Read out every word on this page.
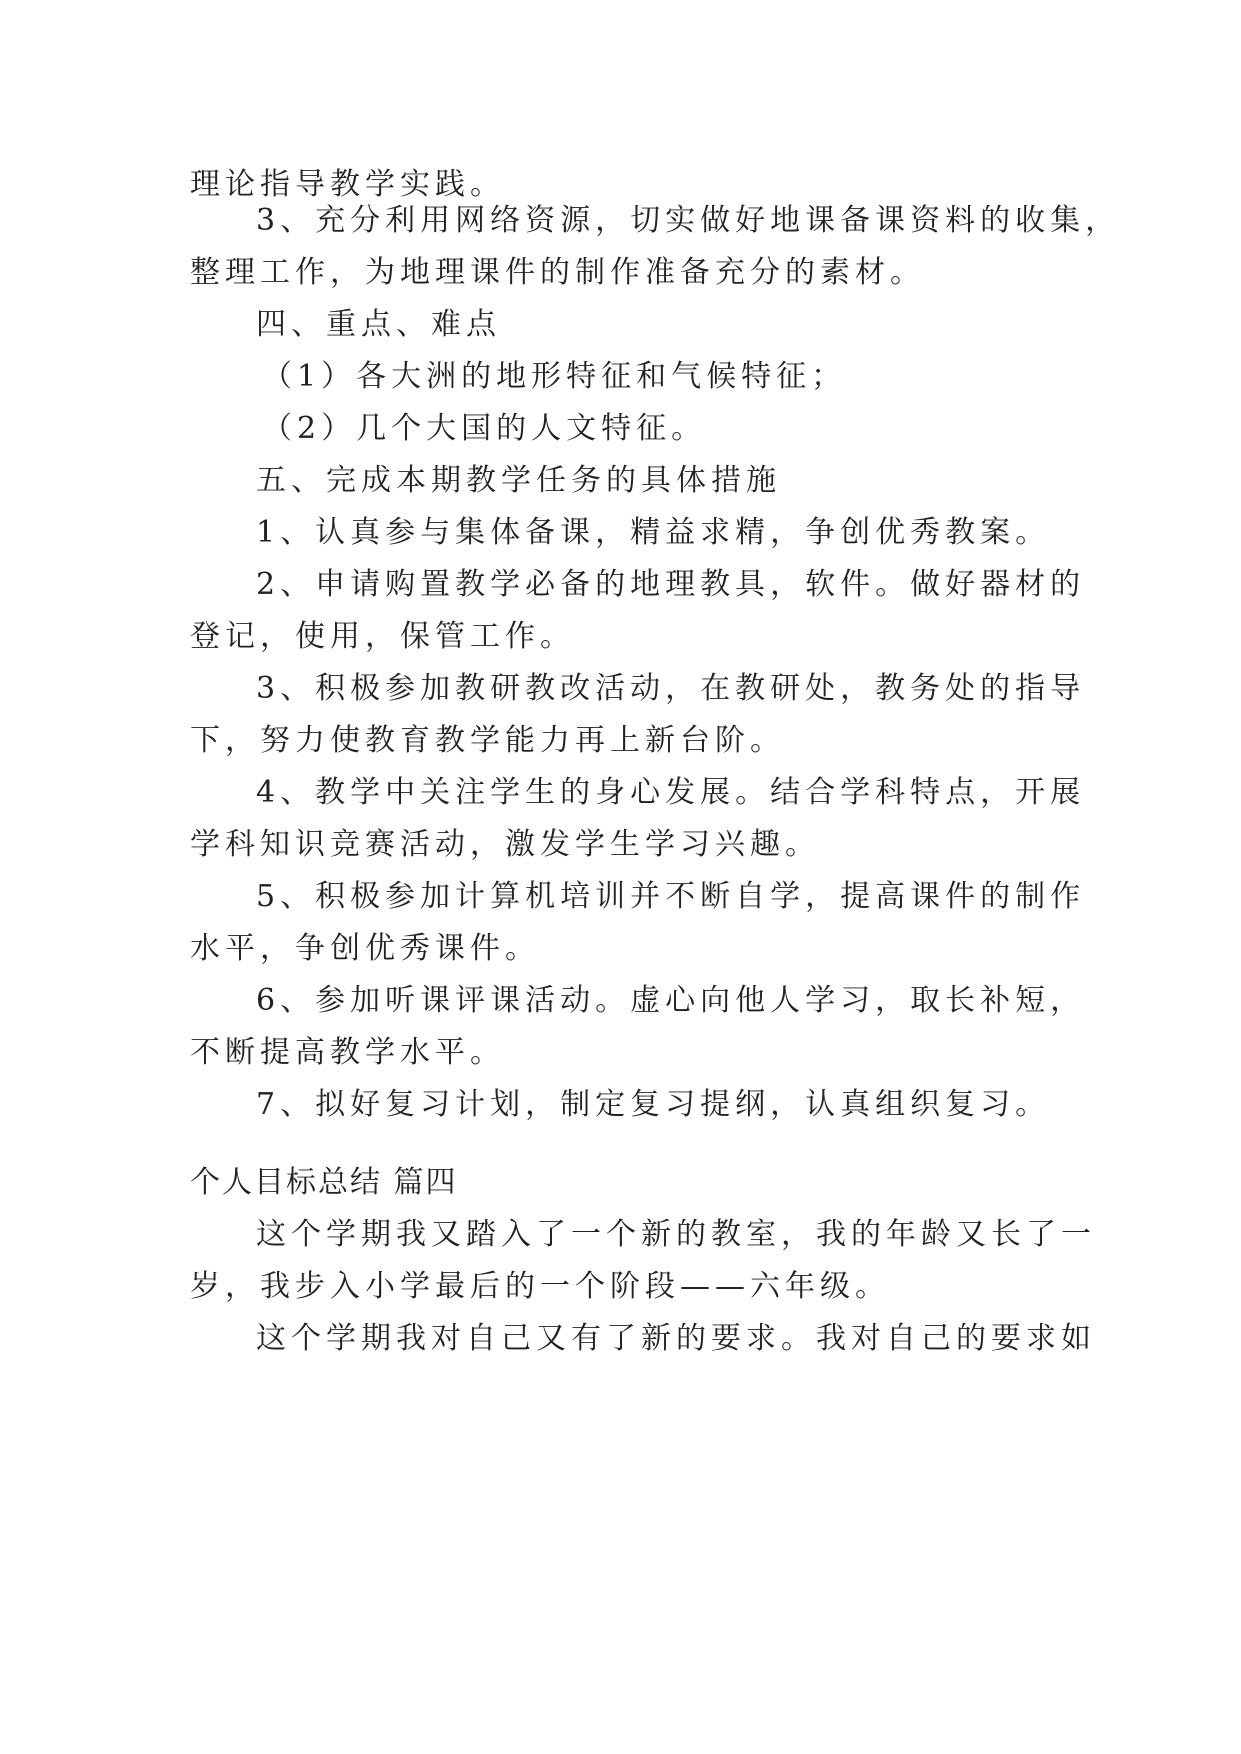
理论指导教学实践。
3、充分利用网络资源，切实做好地课备课资料的收集，
整理工作，为地理课件的制作准备充分的素材。
四、重点、难点
（1）各大洲的地形特征和气候特征；
（2）几个大国的人文特征。
五、完成本期教学任务的具体措施
1、认真参与集体备课，精益求精，争创优秀教案。
2、申请购置教学必备的地理教具，软件。做好器材的
登记，使用，保管工作。
3、积极参加教研教改活动，在教研处，教务处的指导
下，努力使教育教学能力再上新台阶。
4、教学中关注学生的身心发展。结合学科特点，开展
学科知识竞赛活动，激发学生学习兴趣。
5、积极参加计算机培训并不断自学，提高课件的制作
水平，争创优秀课件。
6、参加听课评课活动。虚心向他人学习，取长补短，
不断提高教学水平。
7、拟好复习计划，制定复习提纲，认真组织复习。
个人目标总结 篇四
这个学期我又踏入了一个新的教室，我的年龄又长了一
岁，我步入小学最后的一个阶段——六年级。
这个学期我对自己又有了新的要求。我对自己的要求如
